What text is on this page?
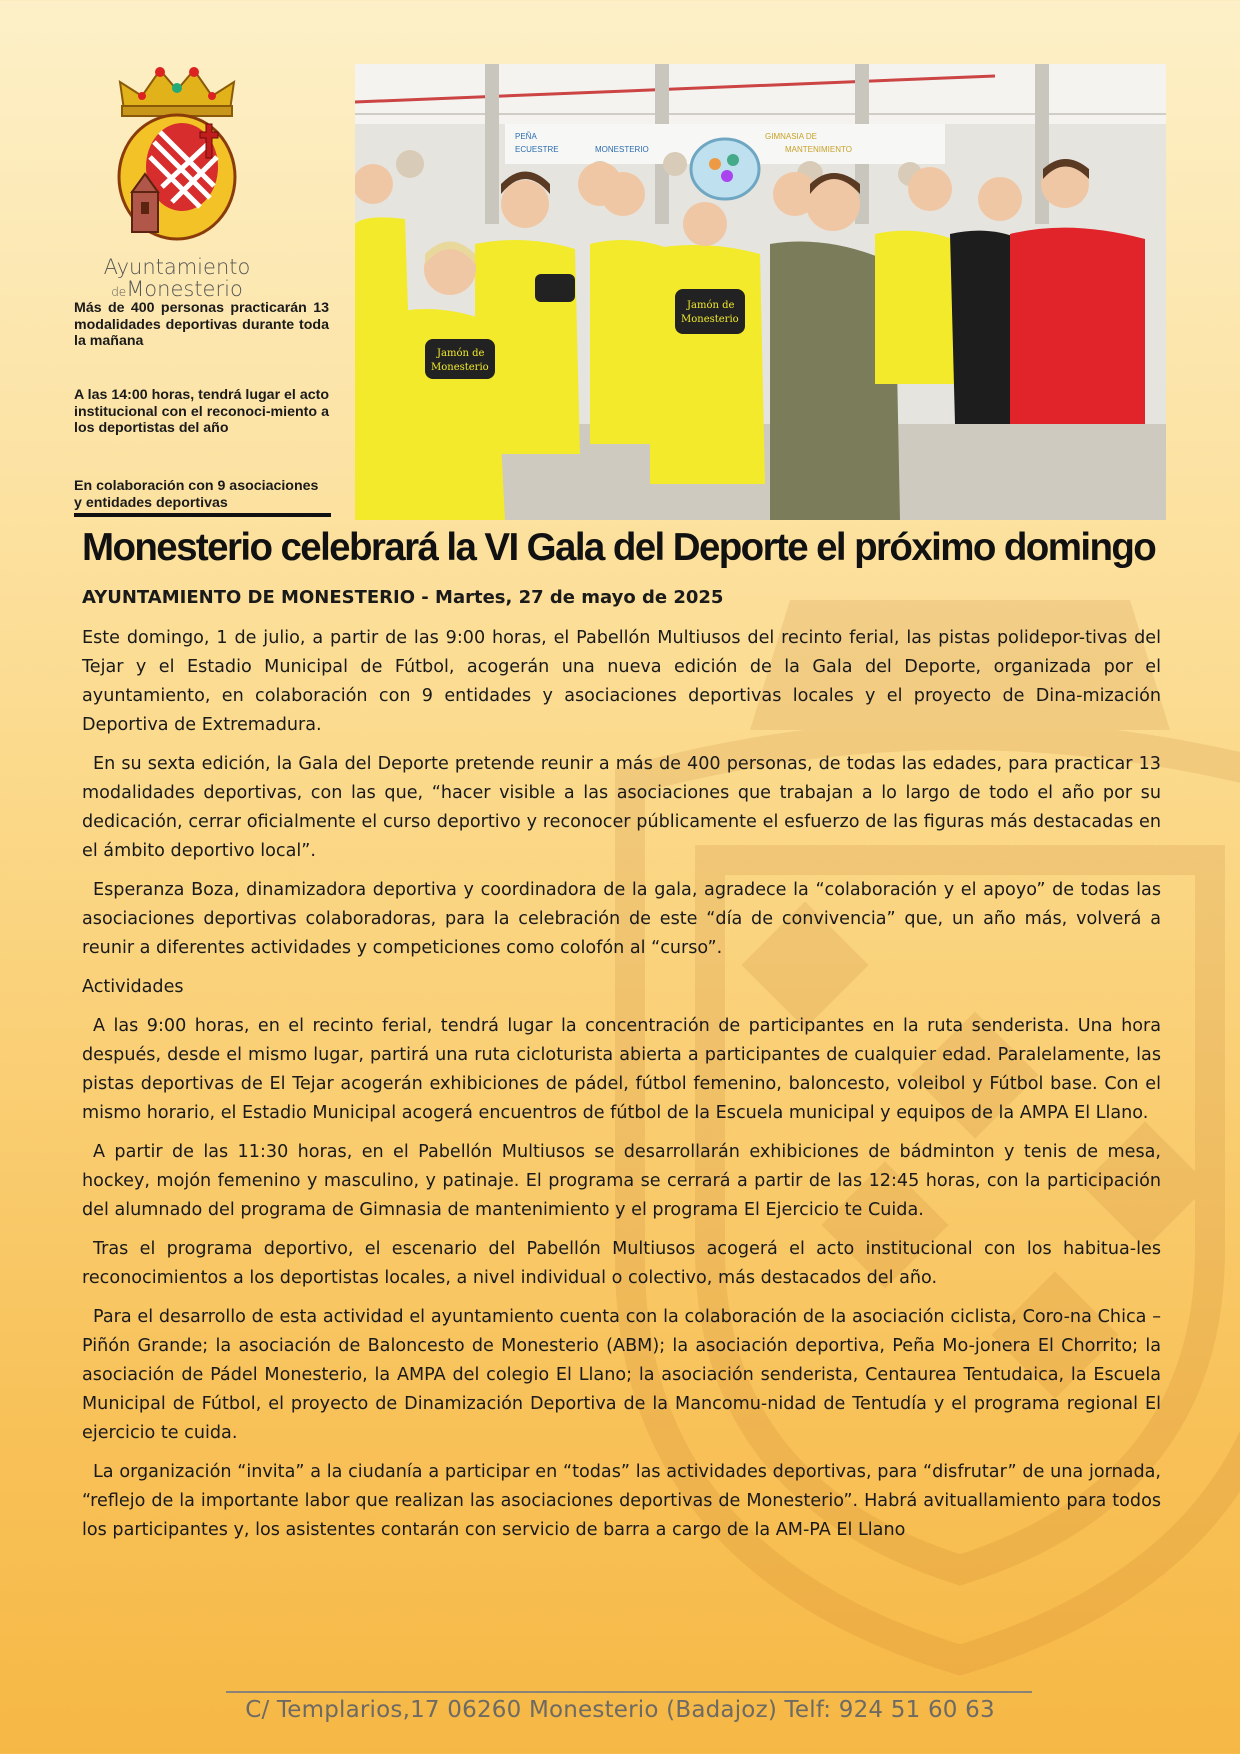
Ayuntamiento
deMonesterio

Más de 400 personas practicarán 13 modalidades deportivas durante toda la mañana

A las 14:00 horas, tendrá lugar el acto institucional con el reconoci-miento a los deportistas del año

En colaboración con 9 asociaciones y entidades deportivas

PEÑA
ECUESTRE	MONESTERIO
GIMNASIA DE
MANTENIMIENTO
Jamón de
Monesterio
Jamón de
Monesterio
Monesterio celebrará la VI Gala del Deporte el próximo domingo

AYUNTAMIENTO DE MONESTERIO - Martes, 27 de mayo de 2025

Este domingo, 1 de julio, a partir de las 9:00 horas, el Pabellón Multiusos del recinto ferial, las pistas polidepor-tivas del Tejar y el Estadio Municipal de Fútbol, acogerán una nueva edición de la Gala del Deporte, organizada por el ayuntamiento, en colaboración con 9 entidades y asociaciones deportivas locales y el proyecto de Dina-mización Deportiva de Extremadura.

En su sexta edición, la Gala del Deporte pretende reunir a más de 400 personas, de todas las edades, para practicar 13 modalidades deportivas, con las que, “hacer visible a las asociaciones que trabajan a lo largo de todo el año por su dedicación, cerrar oficialmente el curso deportivo y reconocer públicamente el esfuerzo de las figuras más destacadas en el ámbito deportivo local”.

Esperanza Boza, dinamizadora deportiva y coordinadora de la gala, agradece la “colaboración y el apoyo” de todas las asociaciones deportivas colaboradoras, para la celebración de este “día de convivencia” que, un año más, volverá a reunir a diferentes actividades y competiciones como colofón al “curso”.

Actividades

A las 9:00 horas, en el recinto ferial, tendrá lugar la concentración de participantes en la ruta senderista. Una hora después, desde el mismo lugar, partirá una ruta cicloturista abierta a participantes de cualquier edad. Paralelamente, las pistas deportivas de El Tejar acogerán exhibiciones de pádel, fútbol femenino, baloncesto, voleibol y Fútbol base. Con el mismo horario, el Estadio Municipal acogerá encuentros de fútbol de la Escuela municipal y equipos de la AMPA El Llano.

A partir de las 11:30 horas, en el Pabellón Multiusos se desarrollarán exhibiciones de bádminton y tenis de mesa, hockey, mojón femenino y masculino, y patinaje. El programa se cerrará a partir de las 12:45 horas, con la participación del alumnado del programa de Gimnasia de mantenimiento y el programa El Ejercicio te Cuida.

Tras el programa deportivo, el escenario del Pabellón Multiusos acogerá el acto institucional con los habitua-les reconocimientos a los deportistas locales, a nivel individual o colectivo, más destacados del año.

Para el desarrollo de esta actividad el ayuntamiento cuenta con la colaboración de la asociación ciclista, Coro-na Chica – Piñón Grande; la asociación de Baloncesto de Monesterio (ABM); la asociación deportiva, Peña Mo-jonera El Chorrito; la asociación de Pádel Monesterio, la AMPA del colegio El Llano; la asociación senderista, Centaurea Tentudaica, la Escuela Municipal de Fútbol, el proyecto de Dinamización Deportiva de la Mancomu-nidad de Tentudía y el programa regional El ejercicio te cuida.

La organización “invita” a la ciudanía a participar en “todas” las actividades deportivas, para “disfrutar” de una jornada, “reflejo de la importante labor que realizan las asociaciones deportivas de Monesterio”. Habrá avituallamiento para todos los participantes y, los asistentes contarán con servicio de barra a cargo de la AM-PA El Llano

C/ Templarios,17 06260 Monesterio (Badajoz) Telf: 924 51 60 63
